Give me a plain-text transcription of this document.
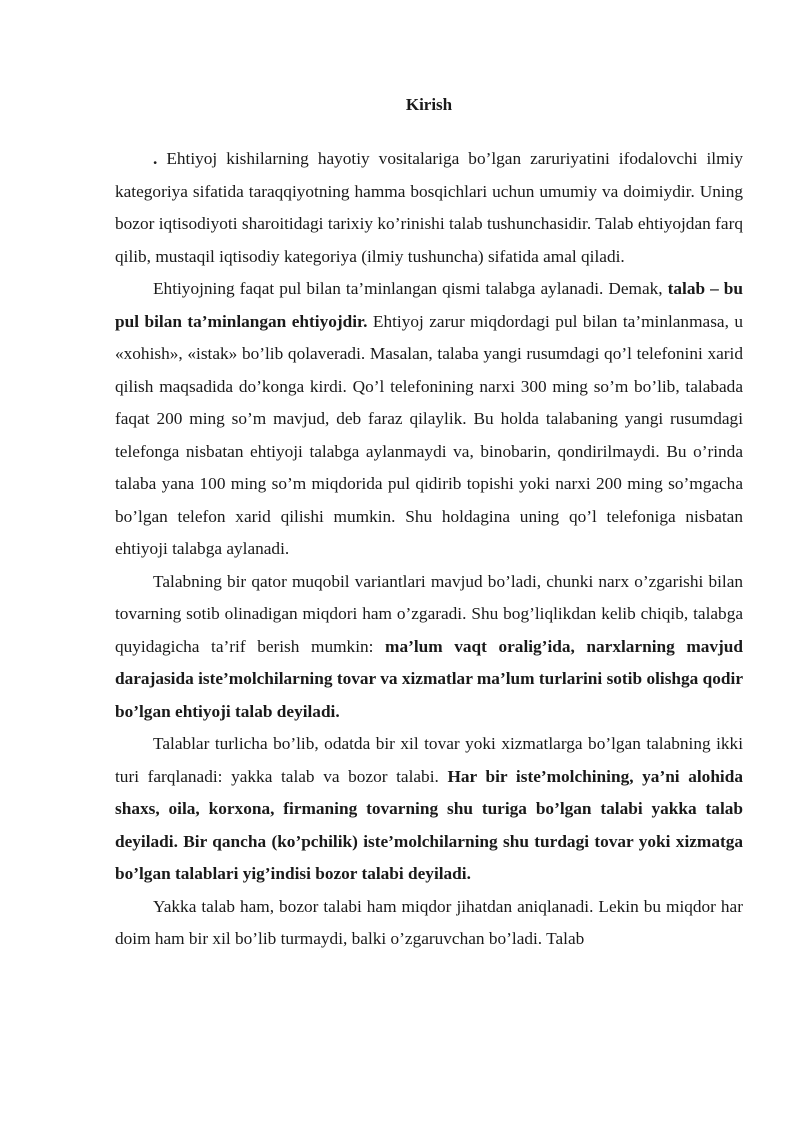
Kirish

. Ehtiyoj kishilarning hayotiy vositalariga bo’lgan zaruriyatini ifodalovchi ilmiy kategoriya sifatida taraqqiyotning hamma bosqichlari uchun umumiy va doimiydir. Uning bozor iqtisodiyoti sharoitidagi tarixiy ko’rinishi talab tushunchasidir. Talab ehtiyojdan farq qilib, mustaqil iqtisodiy kategoriya (ilmiy tushuncha) sifatida amal qiladi.

Ehtiyojning faqat pul bilan ta’minlangan qismi talabga aylanadi. Demak, talab – bu pul bilan ta’minlangan ehtiyojdir. Ehtiyoj zarur miqdordagi pul bilan ta’minlanmasa, u «xohish», «istak» bo’lib qolaveradi. Masalan, talaba yangi rusumdagi qo’l telefonini xarid qilish maqsadida do’konga kirdi. Qo’l telefonining narxi 300 ming so’m bo’lib, talabada faqat 200 ming so’m mavjud, deb faraz qilaylik. Bu holda talabaning yangi rusumdagi telefonga nisbatan ehtiyoji talabga aylanmaydi va, binobarin, qondirilmaydi. Bu o’rinda talaba yana 100 ming so’m miqdorida pul qidirib topishi yoki narxi 200 ming so’mgacha bo’lgan telefon xarid qilishi mumkin. Shu holdagina uning qo’l telefoniga nisbatan ehtiyoji talabga aylanadi.

Talabning bir qator muqobil variantlari mavjud bo’ladi, chunki narx o’zgarishi bilan tovarning sotib olinadigan miqdori ham o’zgaradi. Shu bog’liqlikdan kelib chiqib, talabga quyidagicha ta’rif berish mumkin: ma’lum vaqt oralig’ida, narxlarning mavjud darajasida iste’molchilarning tovar va xizmatlar ma’lum turlarini sotib olishga qodir bo’lgan ehtiyoji talab deyiladi.

Talablar turlicha bo’lib, odatda bir xil tovar yoki xizmatlarga bo’lgan talabning ikki turi farqlanadi: yakka talab va bozor talabi. Har bir iste’molchining, ya’ni alohida shaxs, oila, korxona, firmaning tovarning shu turiga bo’lgan talabi yakka talab deyiladi. Bir qancha (ko’pchilik) iste’molchilarning shu turdagi tovar yoki xizmatga bo’lgan talablari yig’indisi bozor talabi deyiladi.

Yakka talab ham, bozor talabi ham miqdor jihatdan aniqlanadi. Lekin bu miqdor har doim ham bir xil bo’lib turmaydi, balki o’zgaruvchan bo’ladi. Talab
